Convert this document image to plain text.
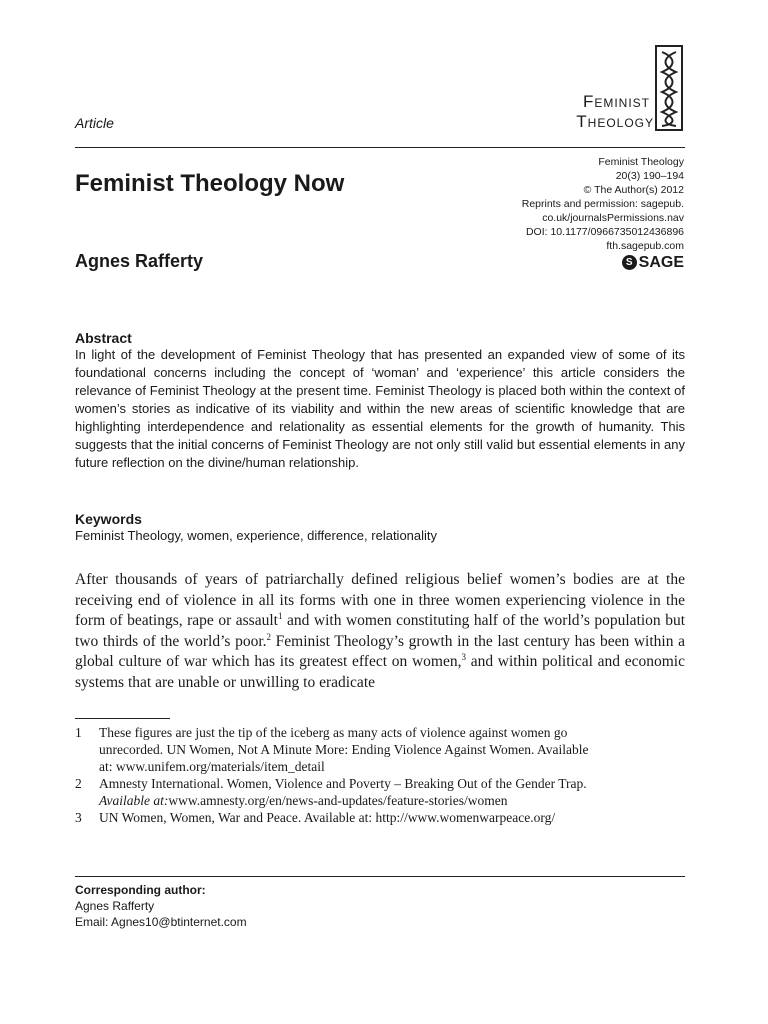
Article
Feminist
Theology
Feminist Theology Now
Agnes Rafferty
Feminist Theology
20(3) 190–194
© The Author(s) 2012
Reprints and permission: sagepub.
co.uk/journalsPermissions.nav
DOI: 10.1177/0966735012436896
fth.sagepub.com
S SAGE
Abstract

In light of the development of Feminist Theology that has presented an expanded view of some of its foundational concerns including the concept of ‘woman’ and ‘experience’ this article considers the relevance of Feminist Theology at the present time. Feminist Theology is placed both within the context of women’s stories as indicative of its viability and within the new areas of scientific knowledge that are highlighting interdependence and relationality as essential elements for the growth of humanity. This suggests that the initial concerns of Feminist Theology are not only still valid but essential elements in any future reflection on the divine/human relationship.

Keywords

Feminist Theology, women, experience, difference, relationality

After thousands of years of patriarchally defined religious belief women’s bodies are at the receiving end of violence in all its forms with one in three women experiencing violence in the form of beatings, rape or assault$^1$ and with women constituting half of the world’s population but two thirds of the world’s poor.$^2$ Feminist Theology’s growth in the last century has been within a global culture of war which has its greatest effect on women,$^3$ and within political and economic systems that are unable or unwilling to eradicate

1	These figures are just the tip of the iceberg as many acts of violence against women go
unrecorded. UN Women, Not A Minute More: Ending Violence Against Women. Available
at: www.unifem.org/materials/item_detail
2	Amnesty International. Women, Violence and Poverty – Breaking Out of the Gender Trap.
Available at:www.amnesty.org/en/news-and-updates/feature-stories/women
3	UN Women, Women, War and Peace. Available at: http://www.womenwarpeace.org/
Corresponding author:
Agnes Rafferty
Email: Agnes10@btinternet.com
